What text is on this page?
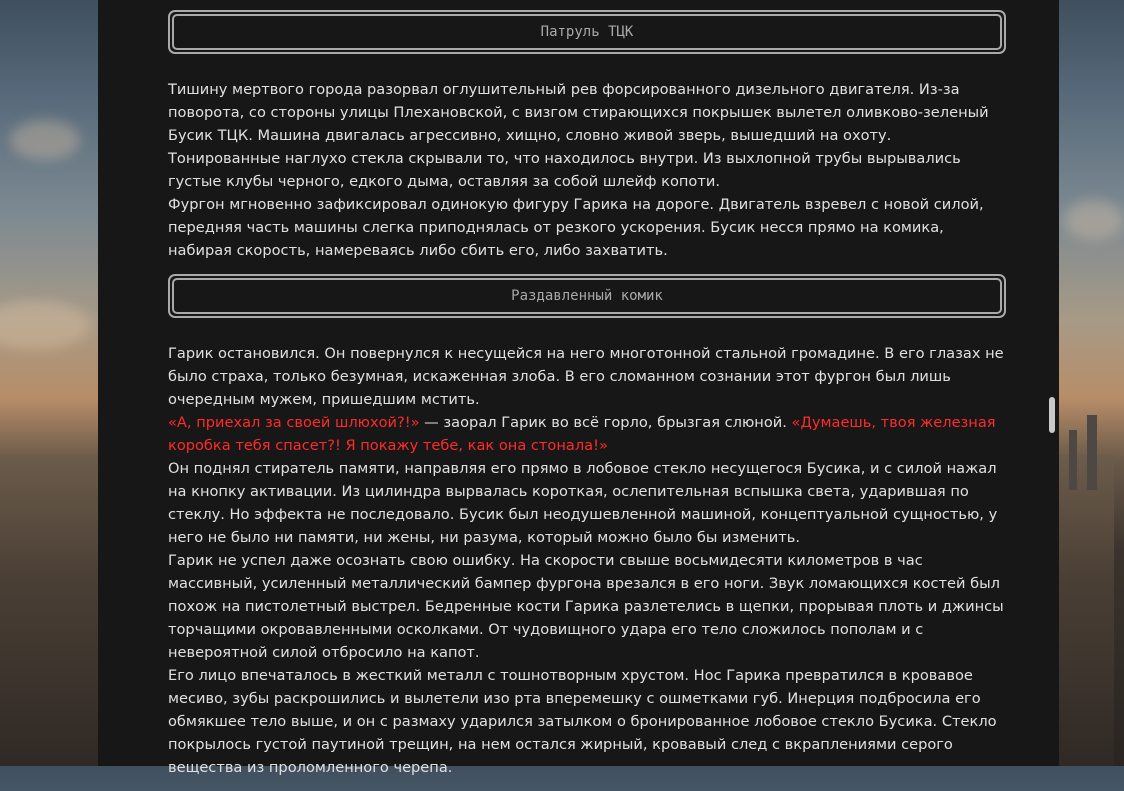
Патруль ТЦК

Тишину мертвого города разорвал оглушительный рев форсированного дизельного двигателя. Из-за поворота, со стороны улицы Плехановской, с визгом стирающихся покрышек вылетел оливково-зеленый Бусик ТЦК. Машина двигалась агрессивно, хищно, словно живой зверь, вышедший на охоту. Тонированные наглухо стекла скрывали то, что находилось внутри. Из выхлопной трубы вырывались густые клубы черного, едкого дыма, оставляя за собой шлейф копоти.

Фургон мгновенно зафиксировал одинокую фигуру Гарика на дороге. Двигатель взревел с новой силой, передняя часть машины слегка приподнялась от резкого ускорения. Бусик несся прямо на комика, набирая скорость, намереваясь либо сбить его, либо захватить.

Раздавленный комик

Гарик остановился. Он повернулся к несущейся на него многотонной стальной громадине. В его глазах не было страха, только безумная, искаженная злоба. В его сломанном сознании этот фургон был лишь очередным мужем, пришедшим мстить.

«А, приехал за своей шлюхой?!» — заорал Гарик во всё горло, брызгая слюной. «Думаешь, твоя железная коробка тебя спасет?! Я покажу тебе, как она стонала!»

Он поднял стиратель памяти, направляя его прямо в лобовое стекло несущегося Бусика, и с силой нажал на кнопку активации. Из цилиндра вырвалась короткая, ослепительная вспышка света, ударившая по стеклу. Но эффекта не последовало. Бусик был неодушевленной машиной, концептуальной сущностью, у него не было ни памяти, ни жены, ни разума, который можно было бы изменить.

Гарик не успел даже осознать свою ошибку. На скорости свыше восьмидесяти километров в час массивный, усиленный металлический бампер фургона врезался в его ноги. Звук ломающихся костей был похож на пистолетный выстрел. Бедренные кости Гарика разлетелись в щепки, прорывая плоть и джинсы торчащими окровавленными осколками. От чудовищного удара его тело сложилось пополам и с невероятной силой отбросило на капот.

Его лицо впечаталось в жесткий металл с тошнотворным хрустом. Нос Гарика превратился в кровавое месиво, зубы раскрошились и вылетели изо рта вперемешку с ошметками губ. Инерция подбросила его обмякшее тело выше, и он с размаху ударился затылком о бронированное лобовое стекло Бусика. Стекло покрылось густой паутиной трещин, на нем остался жирный, кровавый след с вкраплениями серого вещества из проломленного черепа.
